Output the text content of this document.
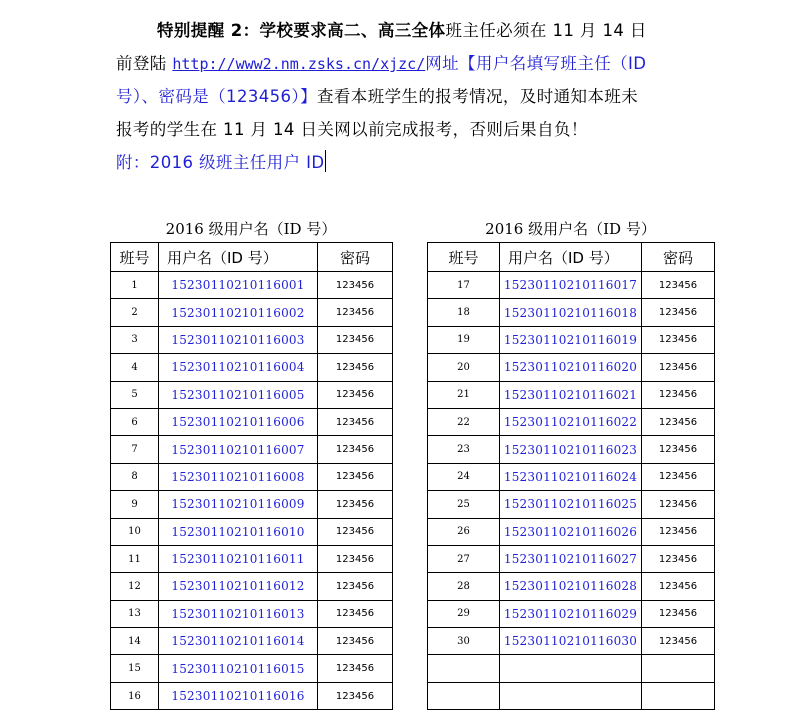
特别提醒 2：学校要求高二、高三全体班主任必须在 11 月 14 日
前登陆 http://www2.nm.zsks.cn/xjzc/网址【用户名填写班主任（ID
号）、密码是（123456）】查看本班学生的报考情况，及时通知本班未
报考的学生在 11 月 14 日关网以前完成报考，否则后果自负！
附：2016 级班主任用户 ID
2016 级用户名（ID 号）	2016 级用户名（ID 号）
班号	用户名（ID 号）	密码
1	15230110210116001	123456
2	15230110210116002	123456
3	15230110210116003	123456
4	15230110210116004	123456
5	15230110210116005	123456
6	15230110210116006	123456
7	15230110210116007	123456
8	15230110210116008	123456
9	15230110210116009	123456
10	15230110210116010	123456
11	15230110210116011	123456
12	15230110210116012	123456
13	15230110210116013	123456
14	15230110210116014	123456
15	15230110210116015	123456
16	15230110210116016	123456
班号	用户名（ID 号）	密码
17	15230110210116017	123456
18	15230110210116018	123456
19	15230110210116019	123456
20	15230110210116020	123456
21	15230110210116021	123456
22	15230110210116022	123456
23	15230110210116023	123456
24	15230110210116024	123456
25	15230110210116025	123456
26	15230110210116026	123456
27	15230110210116027	123456
28	15230110210116028	123456
29	15230110210116029	123456
30	15230110210116030	123456
